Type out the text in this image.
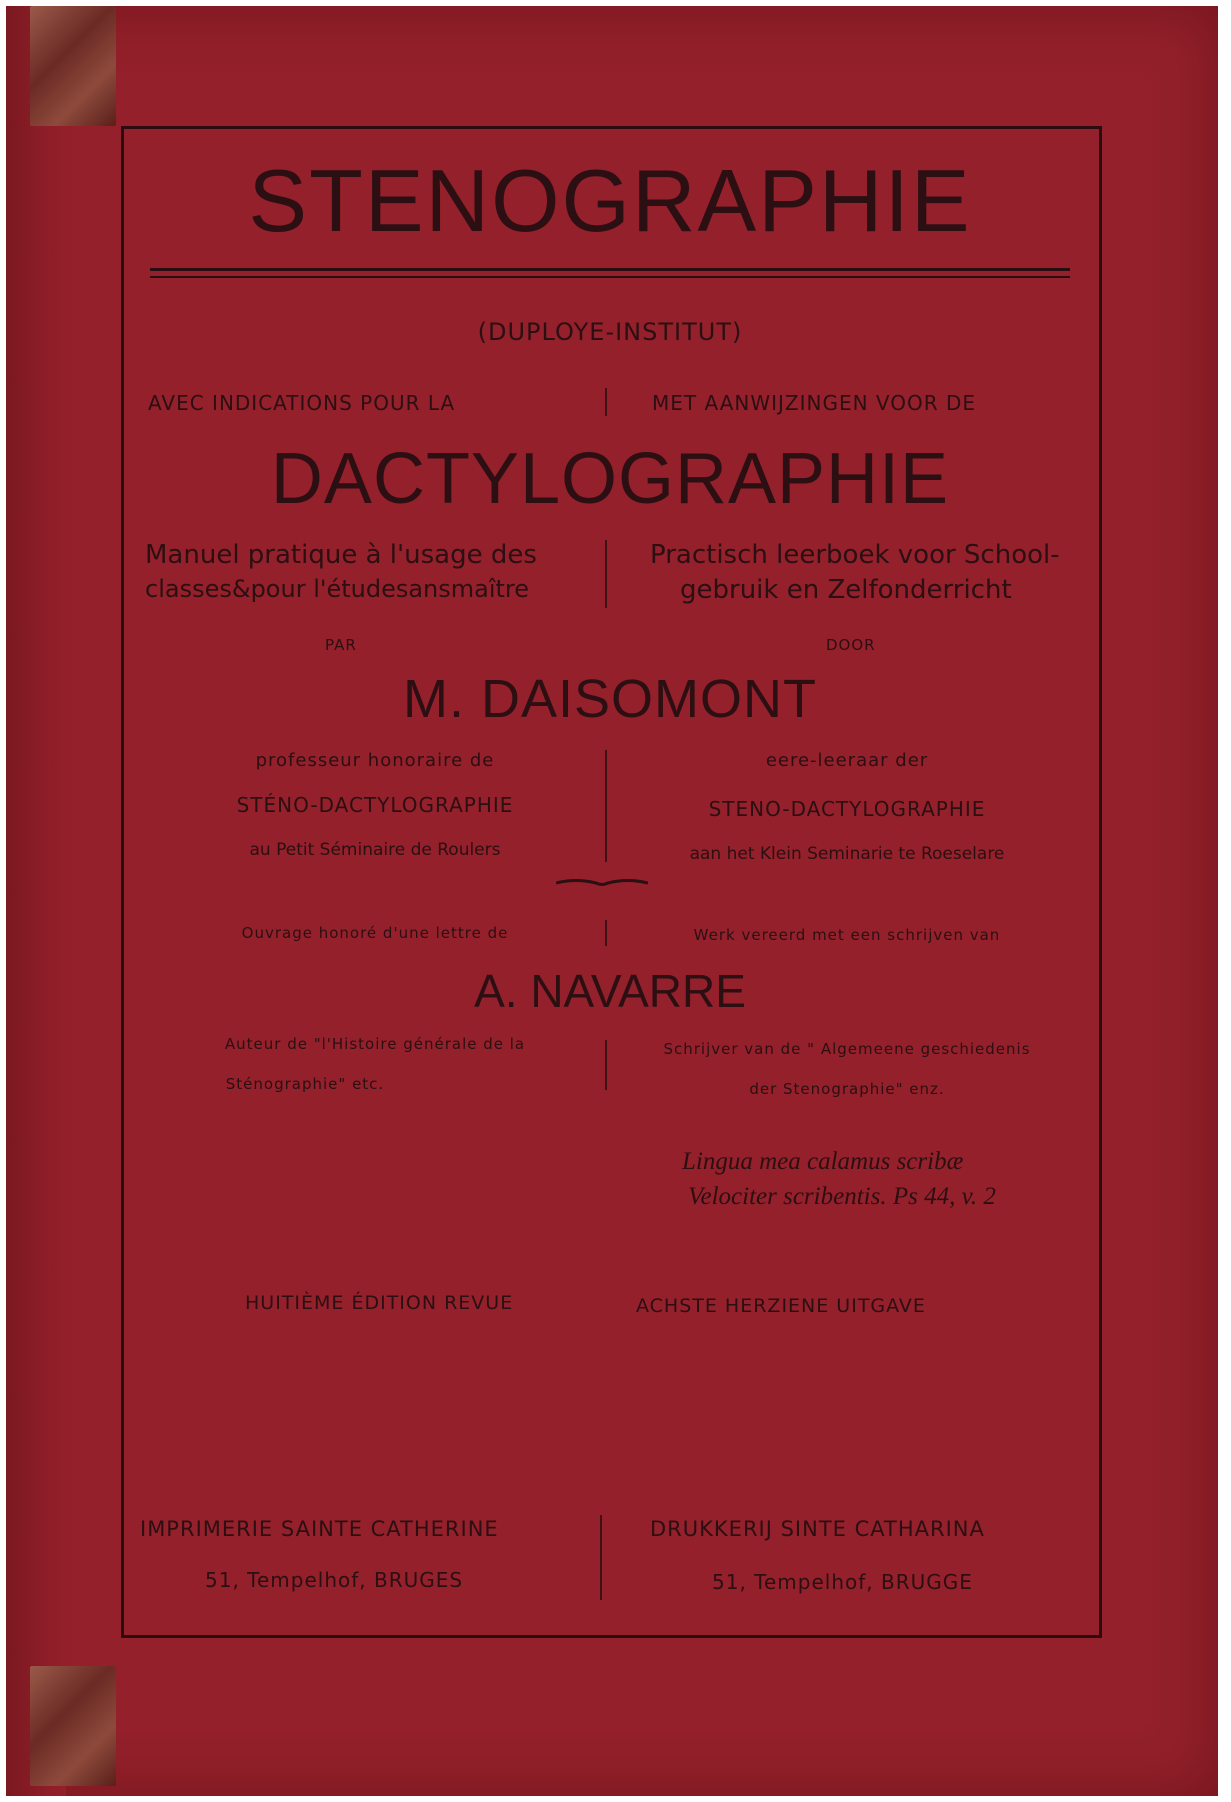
STENOGRAPHIE
(DUPLOYE-INSTITUT)
AVEC INDICATIONS POUR LA	MET AANWIJZINGEN VOOR DE
DACTYLOGRAPHIE
Manuel pratique à l'usage des
classes&pour l'étudesansmaître
Practisch leerboek voor School-
gebruik en Zelfonderricht
PAR	DOOR
M. DAISOMONT
professeur honoraire de
STÉNO-DACTYLOGRAPHIE
au Petit Séminaire de Roulers
eere-leeraar der
STENO-DACTYLOGRAPHIE
aan het Klein Seminarie te Roeselare
Ouvrage honoré d'une lettre de	Werk vereerd met een schrijven van
A. NAVARRE
Auteur de "l'Histoire générale de la
Sténographie" etc.
Schrijver van de " Algemeene geschiedenis
der Stenographie" enz.
Lingua mea calamus scribæ
Velociter scribentis. Ps 44, v. 2
HUITIÈME ÉDITION REVUE	ACHSTE HERZIENE UITGAVE
IMPRIMERIE SAINTE CATHERINE
51, Tempelhof, BRUGES
DRUKKERIJ SINTE CATHARINA
51, Tempelhof, BRUGGE
